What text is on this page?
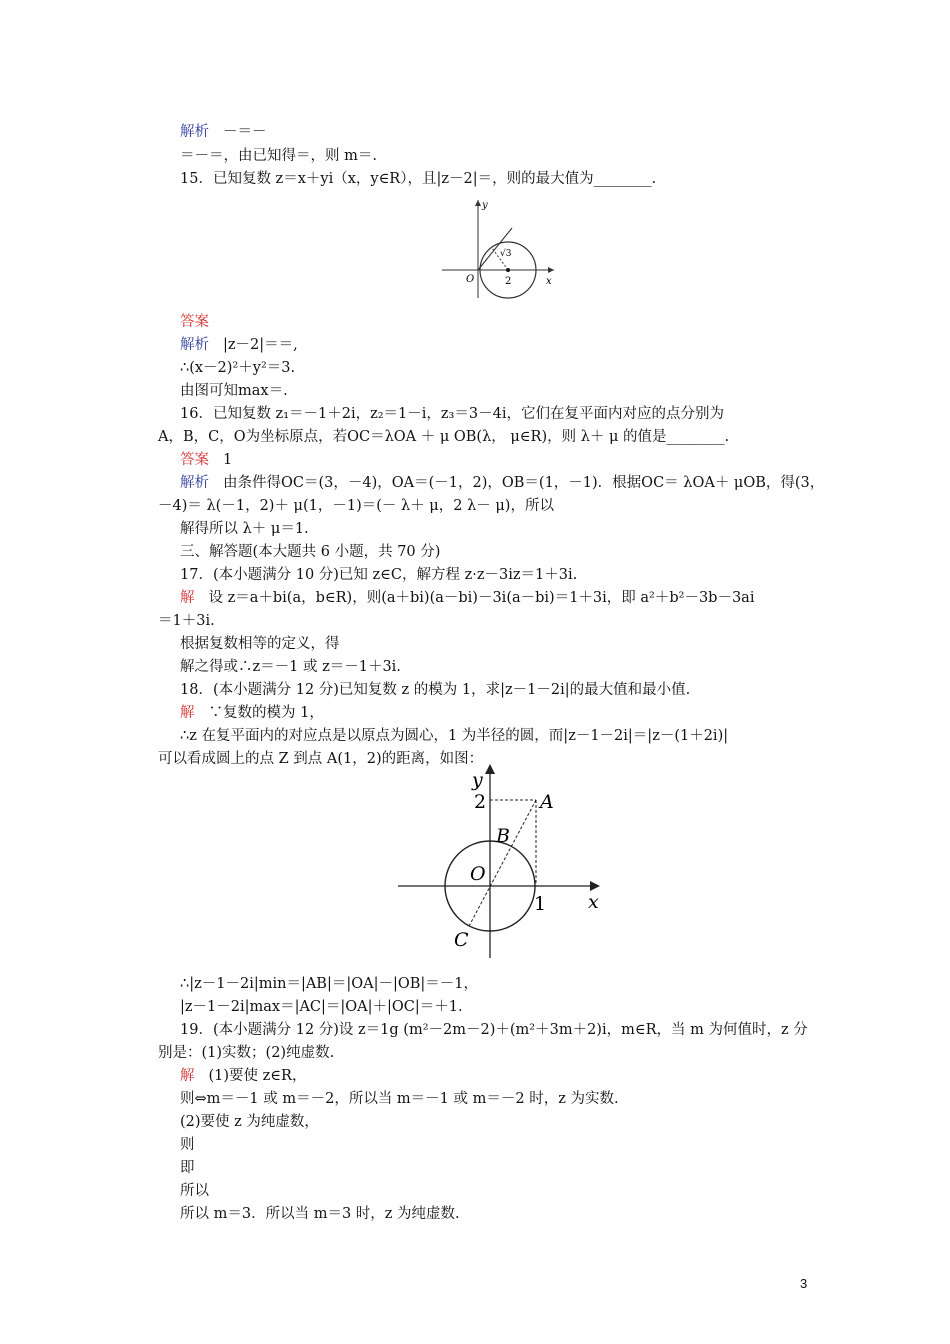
解析 －＝－
＝－＝，由已知得＝，则 m＝.
15．已知复数 z＝x＋yi（x，y∈R），且|z－2|＝，则的最大值为________.
y
x
O	2
√3
答案
解析 |z－2|＝＝,
∴(x－2)²＋y²＝3.
由图可知max＝.
16．已知复数 z₁＝－1＋2i，z₂＝1－i，z₃＝3－4i，它们在复平面内对应的点分别为
A，B，C，O为坐标原点，若OC＝λOA ＋ μ OB(λ， μ∈R)，则 λ＋ μ 的值是________.
答案 1
解析 由条件得OC＝(3，－4)，OA＝(－1，2)，OB＝(1，－1)．根据OC＝ λOA＋ μOB，得(3，
－4)＝ λ(－1，2)＋ μ(1，－1)＝(－ λ＋ μ，2 λ－ μ)，所以
解得所以 λ＋ μ＝1.
三、解答题(本大题共 6 小题，共 70 分)
17．(本小题满分 10 分)已知 z∈C，解方程 z·z－3iz＝1＋3i.
解 设 z＝a＋bi(a，b∈R)，则(a＋bi)(a－bi)－3i(a－bi)＝1＋3i，即 a²＋b²－3b－3ai
＝1＋3i.
根据复数相等的定义，得
解之得或∴z＝－1 或 z＝－1＋3i.
18．(本小题满分 12 分)已知复数 z 的模为 1，求|z－1－2i|的最大值和最小值.
解 ∵复数的模为 1，
∴z 在复平面内的对应点是以原点为圆心，1 为半径的圆，而|z－1－2i|＝|z－(1＋2i)|
可以看成圆上的点 Z 到点 A(1，2)的距离，如图：
y
x
O
2
1
A
B
C
∴|z－1－2i|min＝|AB|＝|OA|－|OB|＝－1，
|z－1－2i|max＝|AC|＝|OA|＋|OC|＝＋1.
19．(本小题满分 12 分)设 z＝1g (m²－2m－2)＋(m²＋3m＋2)i，m∈R，当 m 为何值时，z 分
别是：(1)实数；(2)纯虚数.
解 (1)要使 z∈R，
则⇔m＝－1 或 m＝－2，所以当 m＝－1 或 m＝－2 时，z 为实数.
(2)要使 z 为纯虚数，
则
即
所以
所以 m＝3．所以当 m＝3 时，z 为纯虚数.
3
